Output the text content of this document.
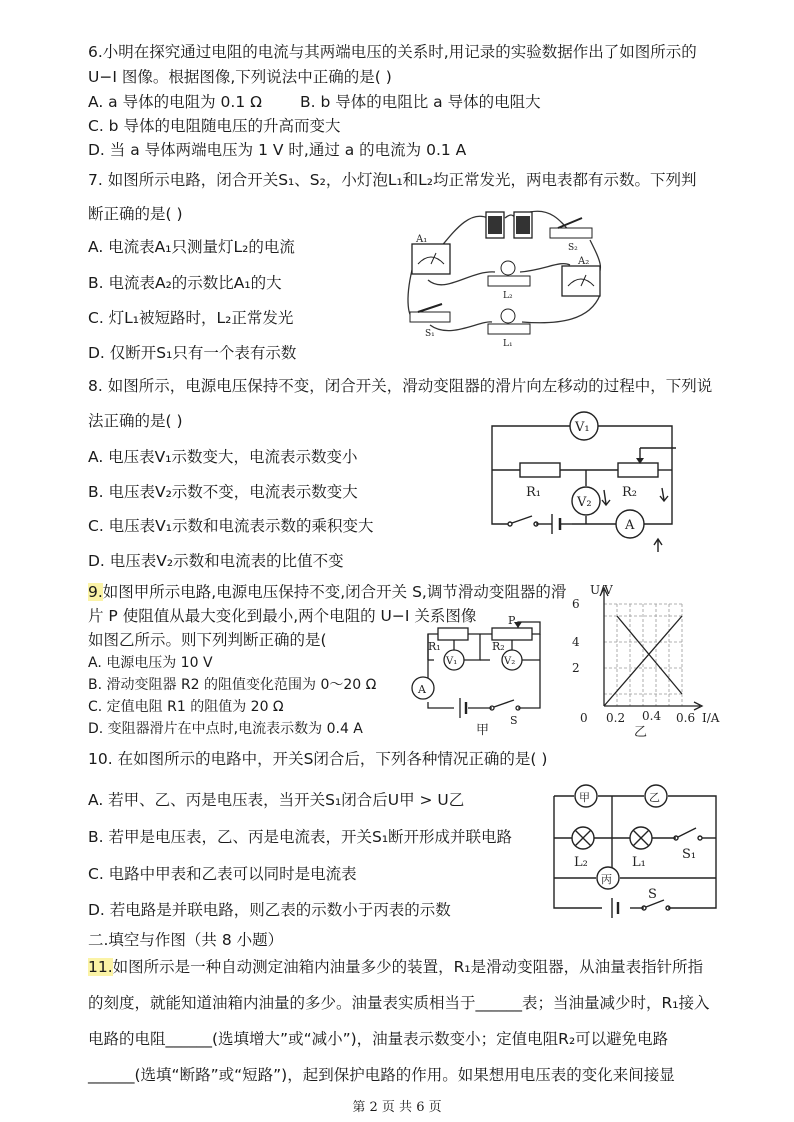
6.小明在探究通过电阻的电流与其两端电压的关系时,用记录的实验数据作出了如图所示的
U−I 图像。根据图像,下列说法中正确的是( )
A. a 导体的电阻为 0.1 Ω B. b 导体的电阻比 a 导体的电阻大
C. b 导体的电阻随电压的升高而变大
D. 当 a 导体两端电压为 1 V 时,通过 a 的电流为 0.1 A
7. 如图所示电路，闭合开关S₁、S₂，小灯泡L₁和L₂均正常发光，两电表都有示数。下列判
断正确的是( )
A. 电流表A₁只测量灯L₂的电流
B. 电流表A₂的示数比A₁的大
C. 灯L₁被短路时，L₂正常发光
D. 仅断开S₁只有一个表有示数
A₁
A₂
S₂
S₁
L₂
L₁
8. 如图所示，电源电压保持不变，闭合开关，滑动变阻器的滑片向左移动的过程中，下列说
法正确的是( )
A. 电压表V₁示数变大，电流表示数变小
B. 电压表V₂示数不变，电流表示数变大
C. 电压表V₁示数和电流表示数的乘积变大
D. 电压表V₂示数和电流表的比值不变
V₁
R₁
V₂
R₂
A
9.如图甲所示电路,电源电压保持不变,闭合开关 S,调节滑动变阻器的滑
片 P 使阻值从最大变化到最小,两个电阻的 U−I 关系图像
如图乙所示。则下列判断正确的是(
A. 电源电压为 10 V
B. 滑动变阻器 R2 的阻值变化范围为 0～20 Ω
C. 定值电阻 R1 的阻值为 20 Ω
D. 变阻器滑片在中点时,电流表示数为 0.4 A
P
R₁	R₂
V₁	V₂
A
S
甲
U/V
6
4
2
0 0.2 0.4 0.6 I/A
乙
10. 在如图所示的电路中，开关S闭合后，下列各种情况正确的是( )
A. 若甲、乙、丙是电压表，当开关S₁闭合后U甲 > U乙
B. 若甲是电压表，乙、丙是电流表，开关S₁断开形成并联电路
C. 电路中甲表和乙表可以同时是电流表
D. 若电路是并联电路，则乙表的示数小于丙表的示数
甲	乙
L₂	L₁
S₁
丙
S
二.填空与作图（共 8 小题）
11.如图所示是一种自动测定油箱内油量多少的装置，R₁是滑动变阻器，从油量表指针所指
的刻度，就能知道油箱内油量的多少。油量表实质相当于______表；当油量减少时，R₁接入
电路的电阻______(选填增大”或“减小”)，油量表示数变小；定值电阻R₂可以避免电路
______(选填“断路”或“短路”)，起到保护电路的作用。如果想用电压表的变化来间接显
第 2 页 共 6 页
